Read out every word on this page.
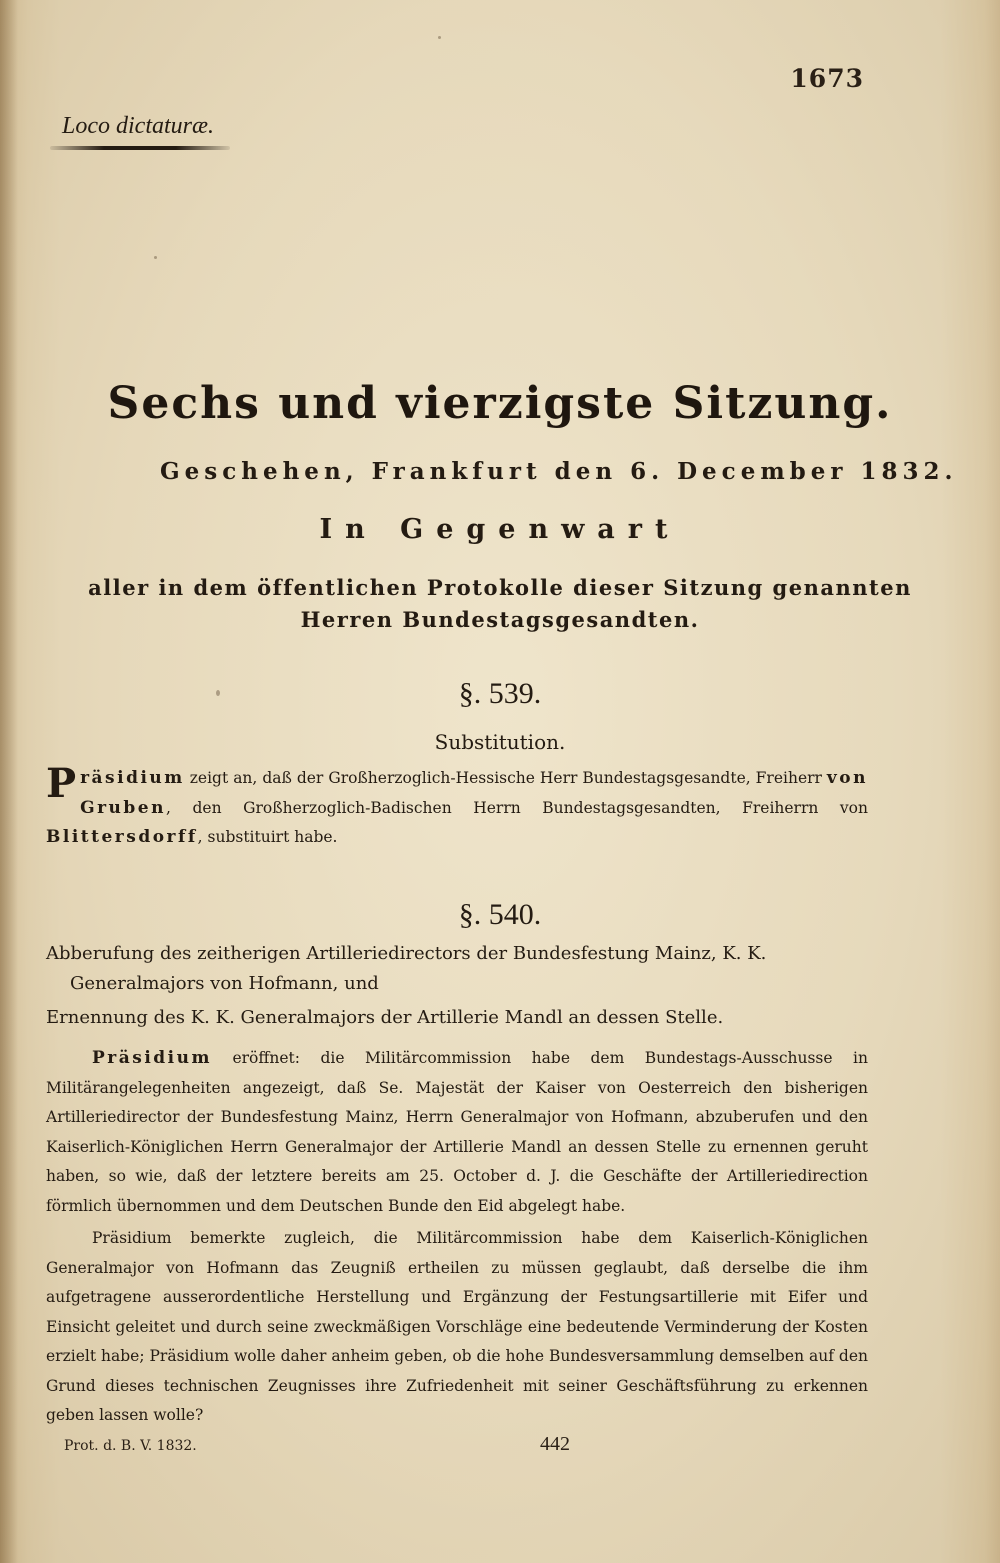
1673
Loco dictaturæ.
Sechs und vierzigste Sitzung.
Geschehen, Frankfurt den 6. December 1832.
In Gegenwart
aller in dem öffentlichen Protokolle dieser Sitzung genannten
Herren Bundestagsgesandten.
§. 539.
Substitution.
Präsidium zeigt an, daß der Großherzoglich-Hessische Herr Bundestagsgesandte, Freiherr von Gruben, den Großherzoglich-Badischen Herrn Bundestagsgesandten, Freiherrn von Blittersdorff, substituirt habe.
§. 540.
Abberufung des zeitherigen Artilleriedirectors der Bundesfestung Mainz, K. K.
Generalmajors von Hofmann, und
Ernennung des K. K. Generalmajors der Artillerie Mandl an dessen Stelle.
Präsidium eröffnet: die Militärcommission habe dem Bundestags-Ausschusse in Militärangelegenheiten angezeigt, daß Se. Majestät der Kaiser von Oesterreich den bisherigen Artilleriedirector der Bundesfestung Mainz, Herrn Generalmajor von Hofmann, abzuberufen und den Kaiserlich-Königlichen Herrn Generalmajor der Artillerie Mandl an dessen Stelle zu ernennen geruht haben, so wie, daß der letztere bereits am 25. October d. J. die Geschäfte der Artilleriedirection förmlich übernommen und dem Deutschen Bunde den Eid abgelegt habe.
Präsidium bemerkte zugleich, die Militärcommission habe dem Kaiserlich-Königlichen Generalmajor von Hofmann das Zeugniß ertheilen zu müssen geglaubt, daß derselbe die ihm aufgetragene ausserordentliche Herstellung und Ergänzung der Festungsartillerie mit Eifer und Einsicht geleitet und durch seine zweckmäßigen Vorschläge eine bedeutende Verminderung der Kosten erzielt habe; Präsidium wolle daher anheim geben, ob die hohe Bundesversammlung demselben auf den Grund dieses technischen Zeugnisses ihre Zufriedenheit mit seiner Geschäftsführung zu erkennen geben lassen wolle?
Prot. d. B. V. 1832.	442
